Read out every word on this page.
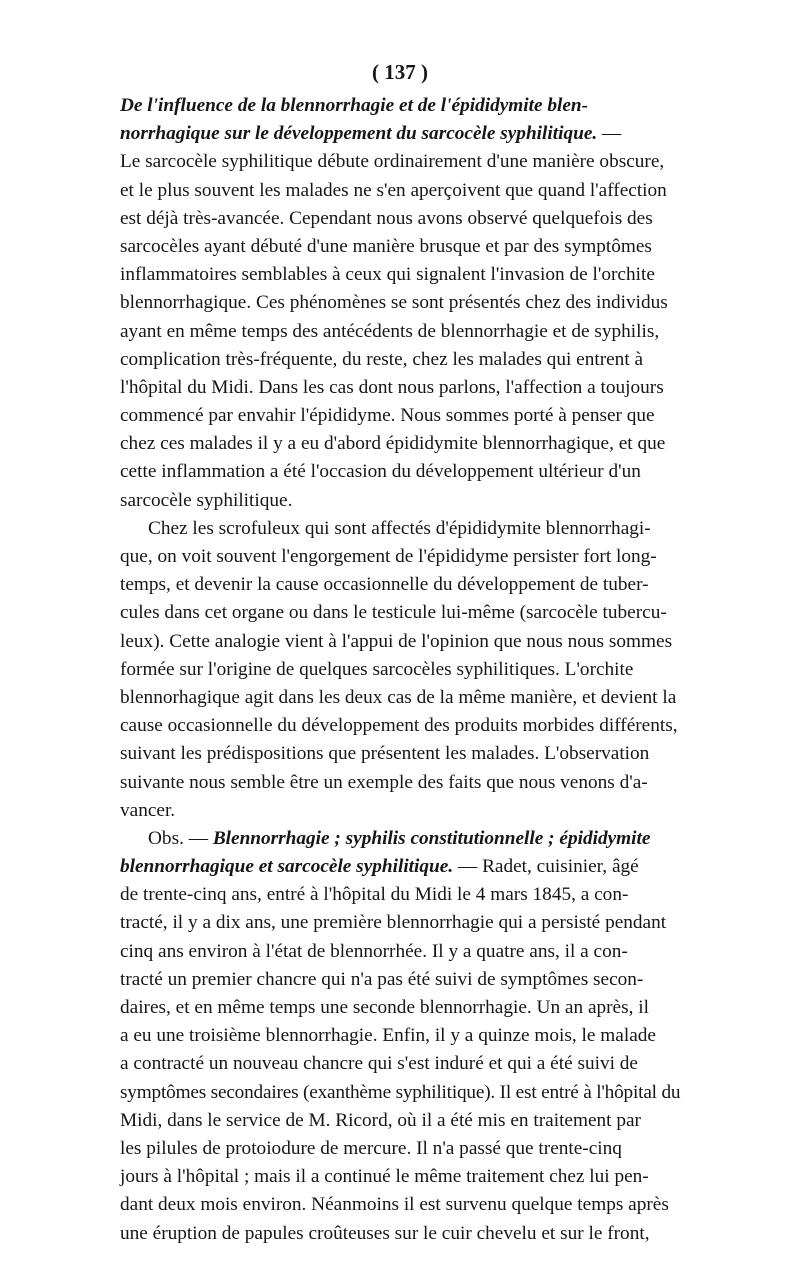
( 137 )
De l'influence de la blennorrhagie et de l'épididymite blen-
norrhagique sur le développement du sarcocèle syphilitique. —
Le sarcocèle syphilitique débute ordinairement d'une manière obscure,
et le plus souvent les malades ne s'en aperçoivent que quand l'affection
est déjà très-avancée. Cependant nous avons observé quelquefois des
sarcocèles ayant débuté d'une manière brusque et par des symptômes
inflammatoires semblables à ceux qui signalent l'invasion de l'orchite
blennorrhagique. Ces phénomènes se sont présentés chez des individus
ayant en même temps des antécédents de blennorrhagie et de syphilis,
complication très-fréquente, du reste, chez les malades qui entrent à
l'hôpital du Midi. Dans les cas dont nous parlons, l'affection a toujours
commencé par envahir l'épididyme. Nous sommes porté à penser que
chez ces malades il y a eu d'abord épididymite blennorrhagique, et que
cette inflammation a été l'occasion du développement ultérieur d'un
sarcocèle syphilitique.
Chez les scrofuleux qui sont affectés d'épididymite blennorrhagi-
que, on voit souvent l'engorgement de l'épididyme persister fort long-
temps, et devenir la cause occasionnelle du développement de tuber-
cules dans cet organe ou dans le testicule lui-même (sarcocèle tubercu-
leux). Cette analogie vient à l'appui de l'opinion que nous nous sommes
formée sur l'origine de quelques sarcocèles syphilitiques. L'orchite
blennorhagique agit dans les deux cas de la même manière, et devient la
cause occasionnelle du développement des produits morbides différents,
suivant les prédispositions que présentent les malades. L'observation
suivante nous semble être un exemple des faits que nous venons d'a-
vancer.
Obs. — Blennorrhagie ; syphilis constitutionnelle ; épididymite
blennorrhagique et sarcocèle syphilitique. — Radet, cuisinier, âgé
de trente-cinq ans, entré à l'hôpital du Midi le 4 mars 1845, a con-
tracté, il y a dix ans, une première blennorrhagie qui a persisté pendant
cinq ans environ à l'état de blennorrhée. Il y a quatre ans, il a con-
tracté un premier chancre qui n'a pas été suivi de symptômes secon-
daires, et en même temps une seconde blennorrhagie. Un an après, il
a eu une troisième blennorrhagie. Enfin, il y a quinze mois, le malade
a contracté un nouveau chancre qui s'est induré et qui a été suivi de
symptômes secondaires (exanthème syphilitique). Il est entré à l'hôpital du
Midi, dans le service de M. Ricord, où il a été mis en traitement par
les pilules de protoiodure de mercure. Il n'a passé que trente-cinq
jours à l'hôpital ; mais il a continué le même traitement chez lui pen-
dant deux mois environ. Néanmoins il est survenu quelque temps après
une éruption de papules croûteuses sur le cuir chevelu et sur le front,
